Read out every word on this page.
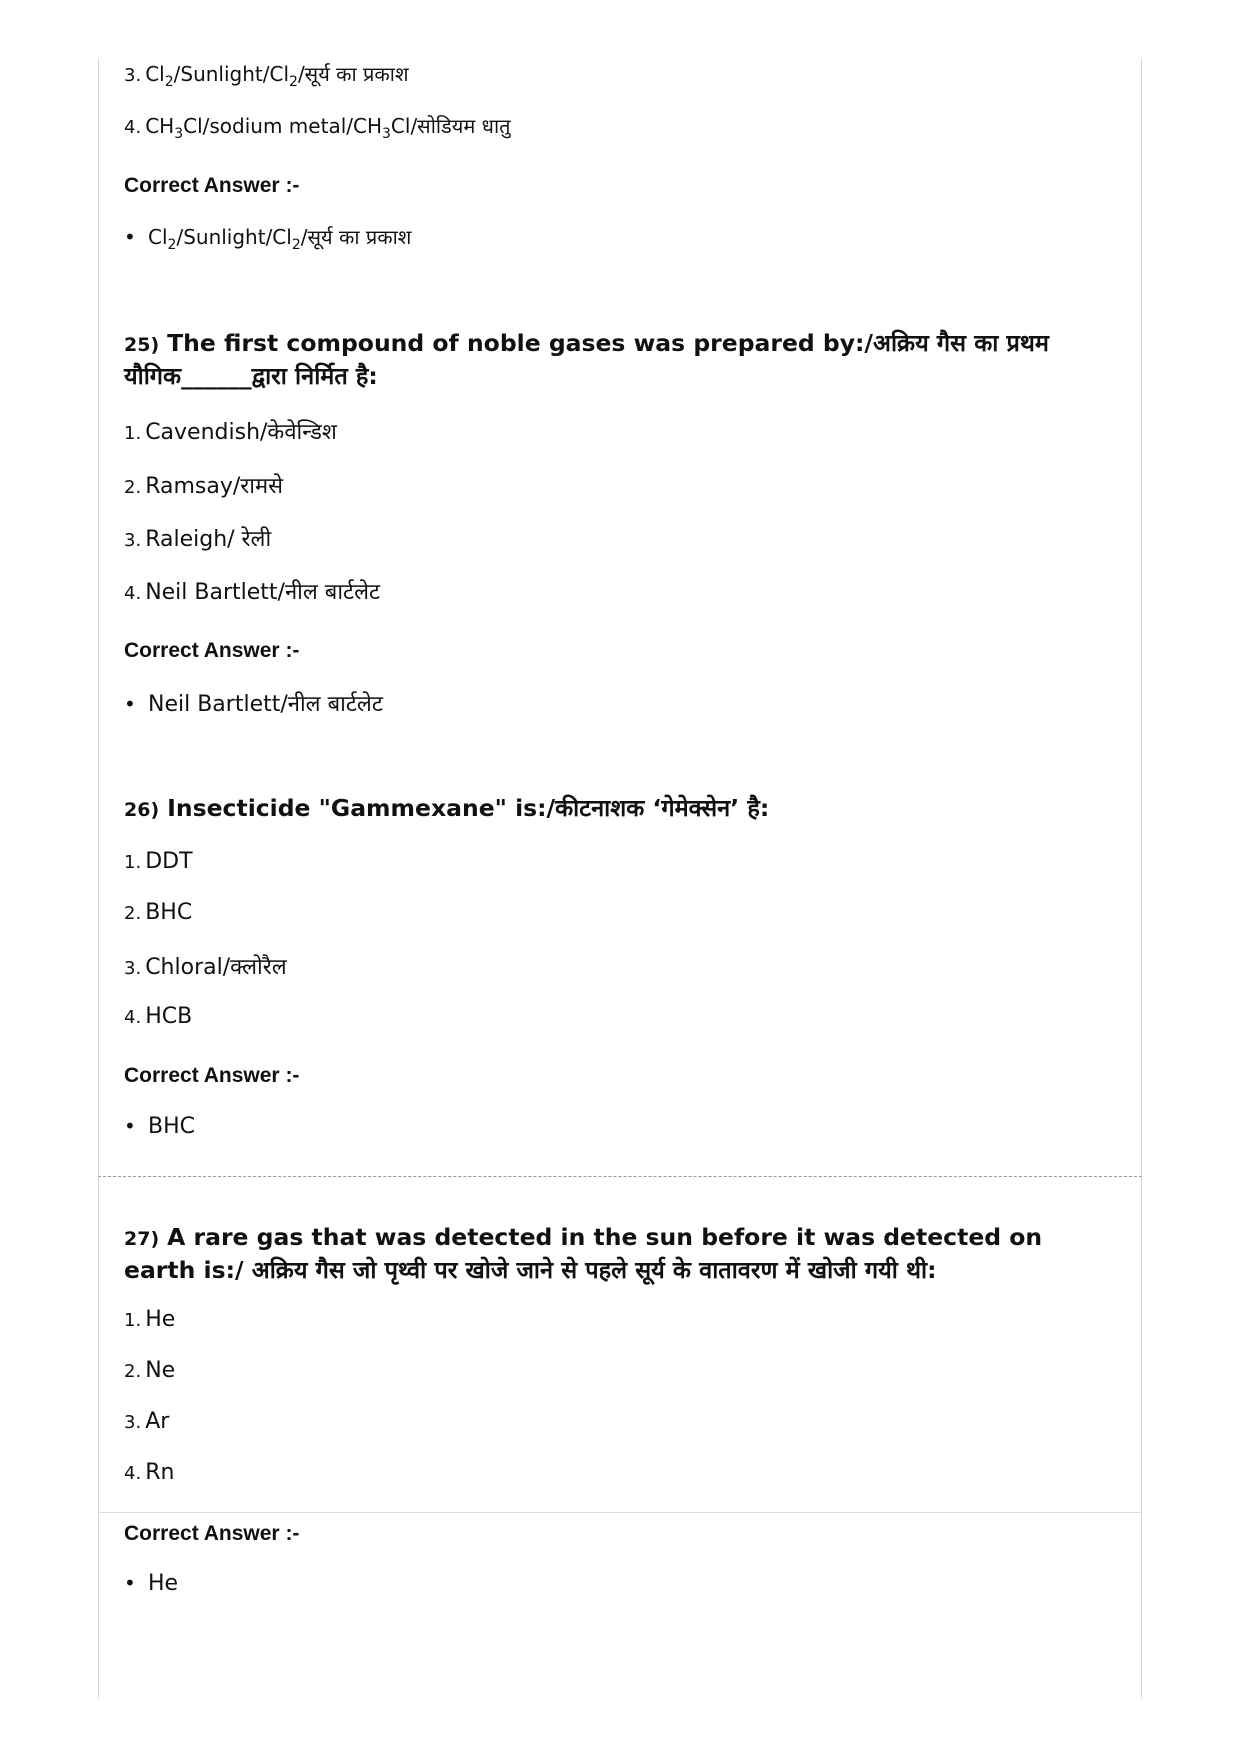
3. $Cl_2/Sunlight/Cl_2/सूर्य$ का प्रकाश

4. $CH_3Cl$/sodium metal/$CH_3Cl/सोडियम$ धातु

Correct Answer :-

• $Cl_2/Sunlight/Cl_2/सूर्य$ का प्रकाश

25) The first compound of noble gases was prepared by:/अक्रिय गैस का प्रथम यौगिक______द्वारा निर्मित है:

1. Cavendish/केवेन्डिश

2. Ramsay/रामसे

3. Raleigh/ रेली

4. Neil Bartlett/नील बार्टलेट

Correct Answer :-

• Neil Bartlett/नील बार्टलेट

26) Insecticide "Gammexane" is:/कीटनाशक ‘गेमेक्सेन’ है:

1. DDT

2. BHC

3. Chloral/क्लोरैल

4. HCB

Correct Answer :-

• BHC

27) A rare gas that was detected in the sun before it was detected on earth is:/ अक्रिय गैस जो पृथ्वी पर खोजे जाने से पहले सूर्य के वातावरण में खोजी गयी थी:

1. He

2. Ne

3. Ar

4. Rn

Correct Answer :-

• He
